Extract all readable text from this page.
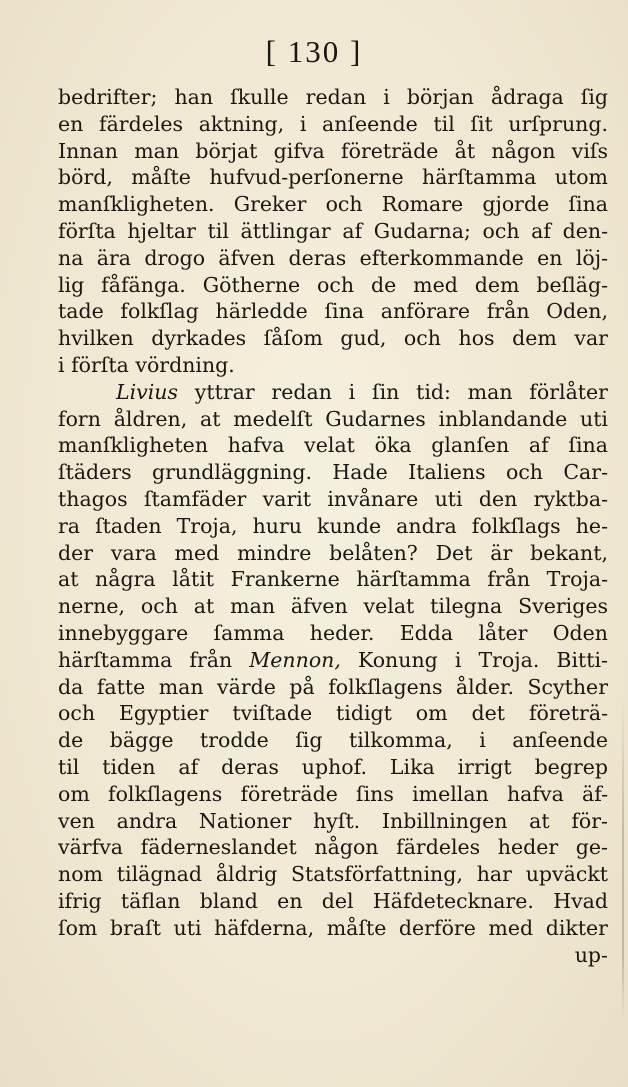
[ 130 ]
bedrifter; han ſkulle redan i början ådraga ſig
en färdeles aktning, i anſeende til ſit urſprung.
Innan man börjat gifva företräde åt någon viſs
börd, måſte hufvud-perſonerne härſtamma utom
manſkligheten. Greker och Romare gjorde ſina
förſta hjeltar til ättlingar af Gudarna; och af den-
na ära drogo äfven deras efterkommande en löj-
lig fåfänga. Götherne och de med dem beſläg-
tade folkſlag härledde ſina anförare från Oden,
hvilken dyrkades ſåſom gud, och hos dem var
i förſta vördning.
Livius yttrar redan i ſin tid: man förlåter
forn åldren, at medelſt Gudarnes inblandande uti
manſkligheten hafva velat öka glanſen af ſina
ſtäders grundläggning. Hade Italiens och Car-
thagos ſtamfäder varit invånare uti den ryktba-
ra ſtaden Troja, huru kunde andra folkſlags he-
der vara med mindre belåten? Det är bekant,
at några låtit Frankerne härſtamma från Troja-
nerne, och at man äfven velat tilegna Sveriges
innebyggare ſamma heder. Edda låter Oden
härſtamma från Mennon, Konung i Troja. Bitti-
da fatte man värde på folkſlagens ålder. Scyther
och Egyptier tviſtade tidigt om det företrä-
de bägge trodde ſig tilkomma, i anſeende
til tiden af deras uphof. Lika irrigt begrep
om folkſlagens företräde ſins imellan hafva äf-
ven andra Nationer hyſt. Inbillningen at för-
värfva fäderneslandet någon färdeles heder ge-
nom tilägnad åldrig Statsförfattning, har upväckt
ifrig täflan bland en del Häfdetecknare. Hvad
ſom braſt uti häfderna, måſte derföre med dikter
up-
